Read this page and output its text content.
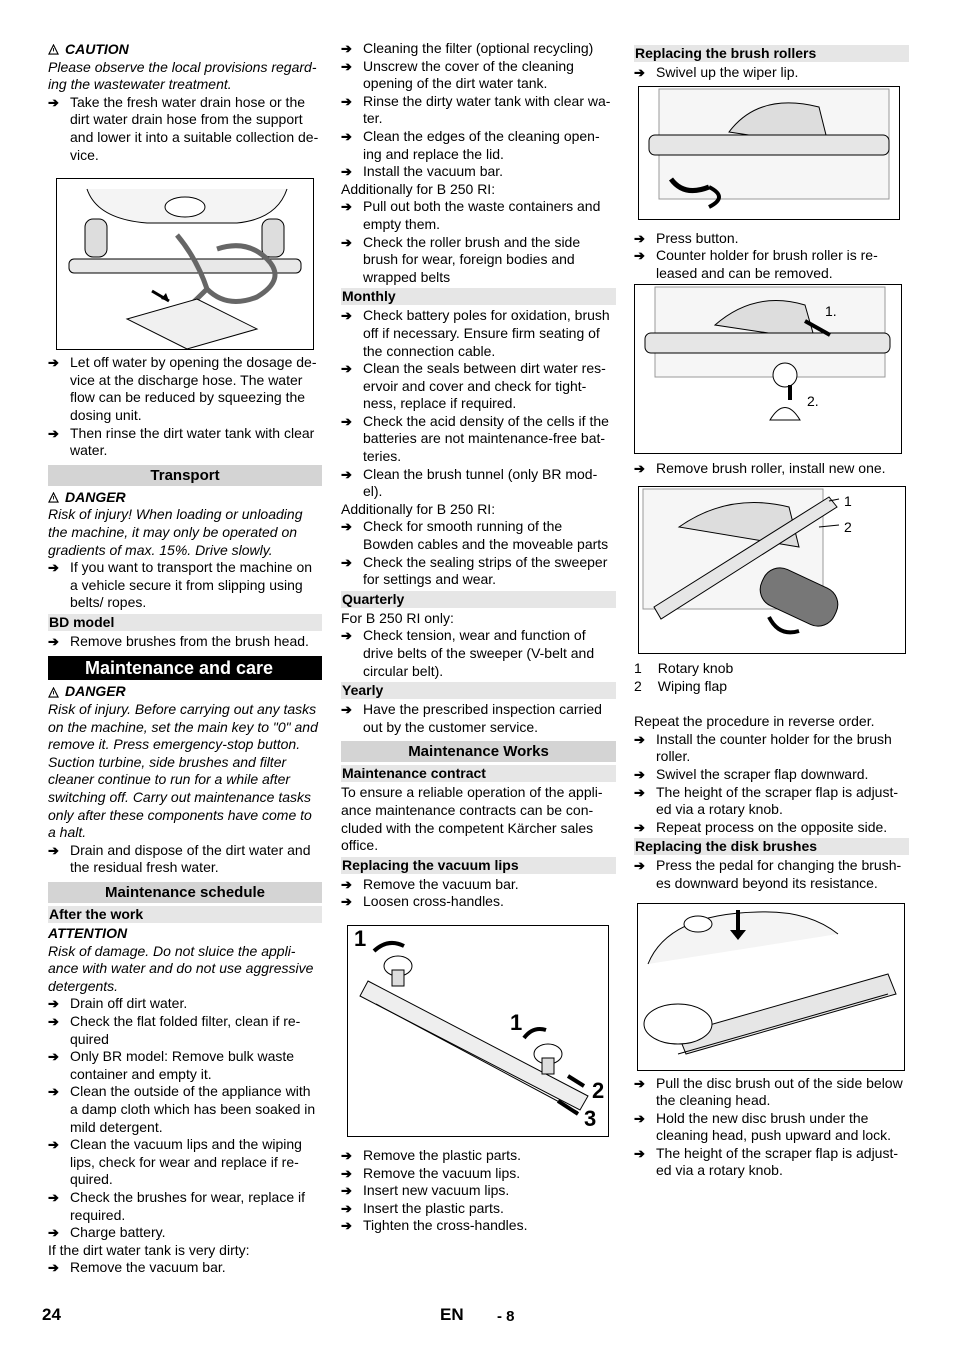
CAUTION

Please observe the local provisions regard-ing the wastewater treatment.

➔ Take the fresh water drain hose or the dirt water drain hose from the support and lower it into a suitable collection de-vice.
➔ Let off water by opening the dosage de-vice at the discharge hose. The water flow can be reduced by squeezing the dosing unit.
➔ Then rinse the dirt water tank with clear water.
Transport
DANGER

Risk of injury! When loading or unloading the machine, it may only be operated on gradients of max. 15%. Drive slowly.

➔ If you want to transport the machine on a vehicle secure it from slipping using belts/ ropes.
BD model
➔ Remove brushes from the brush head.
Maintenance and care
DANGER

Risk of injury. Before carrying out any tasks on the machine, set the main key to "0" and remove it. Press emergency-stop button. Suction turbine, side brushes and filter cleaner continue to run for a while after switching off. Carry out maintenance tasks only after these components have come to a halt.

➔ Drain and dispose of the dirt water and the residual fresh water.
Maintenance schedule
After the work
ATTENTION

Risk of damage. Do not sluice the appli-ance with water and do not use aggressive detergents.

➔ Drain off dirt water.
➔ Check the flat folded filter, clean if re-quired
➔ Only BR model: Remove bulk waste container and empty it.
➔ Clean the outside of the appliance with a damp cloth which has been soaked in mild detergent.
➔ Clean the vacuum lips and the wiping lips, check for wear and replace if re-quired.
➔ Check the brushes for wear, replace if required.
➔ Charge battery.

If the dirt water tank is very dirty:

➔ Remove the vacuum bar.
➔ Cleaning the filter (optional recycling)
➔ Unscrew the cover of the cleaning opening of the dirt water tank.
➔ Rinse the dirty water tank with clear wa-ter.
➔ Clean the edges of the cleaning open-ing and replace the lid.
➔ Install the vacuum bar.

Additionally for B 250 RI:

➔ Pull out both the waste containers and empty them.
➔ Check the roller brush and the side brush for wear, foreign bodies and wrapped belts
Monthly
➔ Check battery poles for oxidation, brush off if necessary. Ensure firm seating of the connection cable.
➔ Clean the seals between dirt water res-ervoir and cover and check for tight-ness, replace if required.
➔ Check the acid density of the cells if the batteries are not maintenance-free bat-teries.
➔ Clean the brush tunnel (only BR mod-el).

Additionally for B 250 RI:

➔ Check for smooth running of the Bowden cables and the moveable parts
➔ Check the sealing strips of the sweeper for settings and wear.
Quarterly

For B 250 RI only:

➔ Check tension, wear and function of drive belts of the sweeper (V-belt and circular belt).
Yearly
➔ Have the prescribed inspection carried out by the customer service.
Maintenance Works
Maintenance contract

To ensure a reliable operation of the appli-ance maintenance contracts can be con-cluded with the competent Kärcher sales office.

Replacing the vacuum lips
➔ Remove the vacuum bar.
➔ Loosen cross-handles.
1
1
2
3
➔ Remove the plastic parts.
➔ Remove the vacuum lips.
➔ Insert new vacuum lips.
➔ Insert the plastic parts.
➔ Tighten the cross-handles.
Replacing the brush rollers
➔ Swivel up the wiper lip.
➔ Press button.
➔ Counter holder for brush roller is re-leased and can be removed.
1.
2.
➔ Remove brush roller, install new one.
1
2
1 Rotary knob
2 Wiping flap

Repeat the procedure in reverse order.

➔ Install the counter holder for the brush roller.
➔ Swivel the scraper flap downward.
➔ The height of the scraper flap is adjust-ed via a rotary knob.
➔ Repeat process on the opposite side.
Replacing the disk brushes
➔ Press the pedal for changing the brush-es downward beyond its resistance.
➔ Pull the disc brush out of the side below the cleaning head.
➔ Hold the new disc brush under the cleaning head, push upward and lock.
➔ The height of the scraper flap is adjust-ed via a rotary knob.
24	EN - 8
